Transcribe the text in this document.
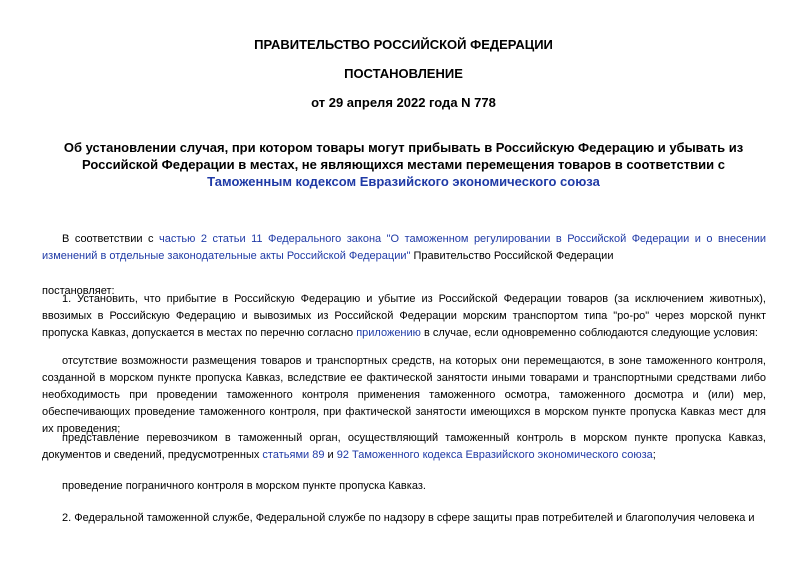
ПРАВИТЕЛЬСТВО РОССИЙСКОЙ ФЕДЕРАЦИИ
ПОСТАНОВЛЕНИЕ
от 29 апреля 2022 года N 778
Об установлении случая, при котором товары могут прибывать в Российскую Федерацию и убывать из Российской Федерации в местах, не являющихся местами перемещения товаров в соответствии с
Таможенным кодексом Евразийского экономического союза
В соответствии с частью 2 статьи 11 Федерального закона "О таможенном регулировании в Российской Федерации и о внесении изменений в отдельные законодательные акты Российской Федерации" Правительство Российской Федерации
постановляет:
1. Установить, что прибытие в Российскую Федерацию и убытие из Российской Федерации товаров (за исключением животных), ввозимых в Российскую Федерацию и вывозимых из Российской Федерации морским транспортом типа "ро-ро" через морской пункт пропуска Кавказ, допускается в местах по перечню согласно приложению в случае, если одновременно соблюдаются следующие условия:
отсутствие возможности размещения товаров и транспортных средств, на которых они перемещаются, в зоне таможенного контроля, созданной в морском пункте пропуска Кавказ, вследствие ее фактической занятости иными товарами и транспортными средствами либо необходимость при проведении таможенного контроля применения таможенного осмотра, таможенного досмотра и (или) мер, обеспечивающих проведение таможенного контроля, при фактической занятости имеющихся в морском пункте пропуска Кавказ мест для их проведения;
представление перевозчиком в таможенный орган, осуществляющий таможенный контроль в морском пункте пропуска Кавказ, документов и сведений, предусмотренных статьями 89 и 92 Таможенного кодекса Евразийского экономического союза;
проведение пограничного контроля в морском пункте пропуска Кавказ.
2. Федеральной таможенной службе, Федеральной службе по надзору в сфере защиты прав потребителей и благополучия человека и
